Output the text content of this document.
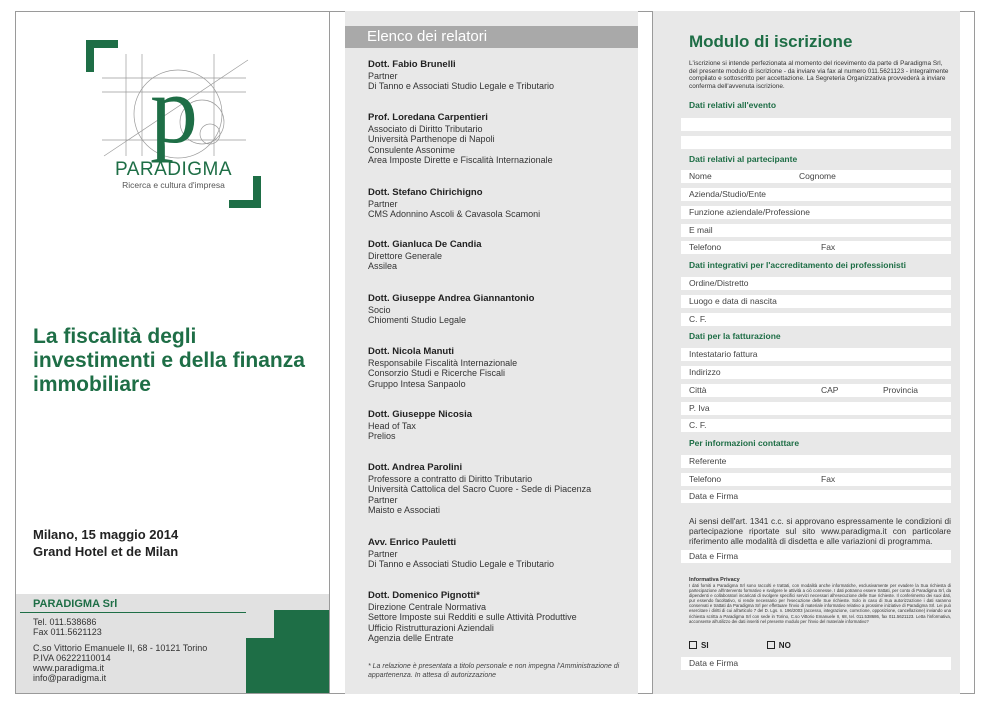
p
PARADIGMA
Ricerca e cultura d'impresa
La fiscalità degli investimenti e della finanza immobiliare
Milano, 15 maggio 2014
Grand Hotel et de Milan
PARADIGMA Srl
Tel. 011.538686
Fax 011.5621123
C.so Vittorio Emanuele II, 68 - 10121 Torino
P.IVA 06222110014
www.paradigma.it
info@paradigma.it
Elenco dei relatori
Dott. Fabio Brunelli
Partner
Di Tanno e Associati Studio Legale e Tributario
Prof. Loredana Carpentieri
Associato di Diritto Tributario
Università Parthenope di Napoli
Consulente Assonime
Area Imposte Dirette e Fiscalità Internazionale
Dott. Stefano Chirichigno
Partner
CMS Adonnino Ascoli & Cavasola Scamoni
Dott. Gianluca De Candia
Direttore Generale
Assilea
Dott. Giuseppe Andrea Giannantonio
Socio
Chiomenti Studio Legale
Dott. Nicola Manuti
Responsabile Fiscalità Internazionale
Consorzio Studi e Ricerche Fiscali
Gruppo Intesa Sanpaolo
Dott. Giuseppe Nicosia
Head of Tax
Prelios
Dott. Andrea Parolini
Professore a contratto di Diritto Tributario
Università Cattolica del Sacro Cuore - Sede di Piacenza
Partner
Maisto e Associati
Avv. Enrico Pauletti
Partner
Di Tanno e Associati Studio Legale e Tributario
Dott. Domenico Pignotti*
Direzione Centrale Normativa
Settore Imposte sui Redditi e sulle Attività Produttive
Ufficio Ristrutturazioni Aziendali
Agenzia delle Entrate
* La relazione è presentata a titolo personale e non impegna l'Amministrazione di appartenenza. In attesa di autorizzazione
Modulo di iscrizione
L'iscrizione si intende perfezionata al momento del ricevimento da parte di Paradigma Srl, del presente modulo di iscrizione - da inviare via fax al numero 011.5621123 - integralmente compilato e sottoscritto per accettazione. La Segreteria Organizzativa provvederà a inviare conferma dell'avvenuta iscrizione.
Dati relativi all'evento
Dati relativi al partecipante
Nome	Cognome
Azienda/Studio/Ente
Funzione aziendale/Professione
E mail
Telefono	Fax
Dati integrativi per l'accreditamento dei professionisti
Ordine/Distretto
Luogo e data di nascita
C. F.
Dati per la fatturazione
Intestatario fattura
Indirizzo
Città	CAP	Provincia
P. Iva
C. F.
Per informazioni contattare
Referente
Telefono	Fax
Data e Firma
Ai sensi dell'art. 1341 c.c. si approvano espressamente le condizioni di partecipazione riportate sul sito www.paradigma.it con particolare riferimento alle modalità di disdetta e alle variazioni di programma.
Data e Firma
Informativa Privacy
I dati forniti a Paradigma Srl sono raccolti e trattati, con modalità anche informatiche, esclusivamente per evadere la Sua richiesta di partecipazione all'intervento formativo e svolgere le attività a ciò connesse. I dati potranno essere trattati, per conto di Paradigma Srl, da dipendenti e collaboratori incaricati di svolgere specifici servizi necessari all'esecuzione delle Sue richieste. Il conferimento dei suoi dati, pur essendo facoltativo, si rende necessario per l'esecuzione delle Sue richieste. Solo in caso di Sua autorizzazione i dati saranno conservati e trattati da Paradigma Srl per effettuare l'invio di materiale informativo relativo a prossime iniziative di Paradigma Srl. Lei può esercitare i diritti di cui all'articolo 7 del D. Lgs. n. 196/2003 (accesso, integrazione, correzione, opposizione, cancellazione) inviando una richiesta scritta a Paradigma Srl con sede in Torino, C.so Vittorio Emanuele II, 68, tel. 011.538686, fax 011.5621123. Letta l'informativa, acconsente all'utilizzo dei dati inseriti nel presente modulo per l'invio del materiale informativo?
SI	NO
Data e Firma
